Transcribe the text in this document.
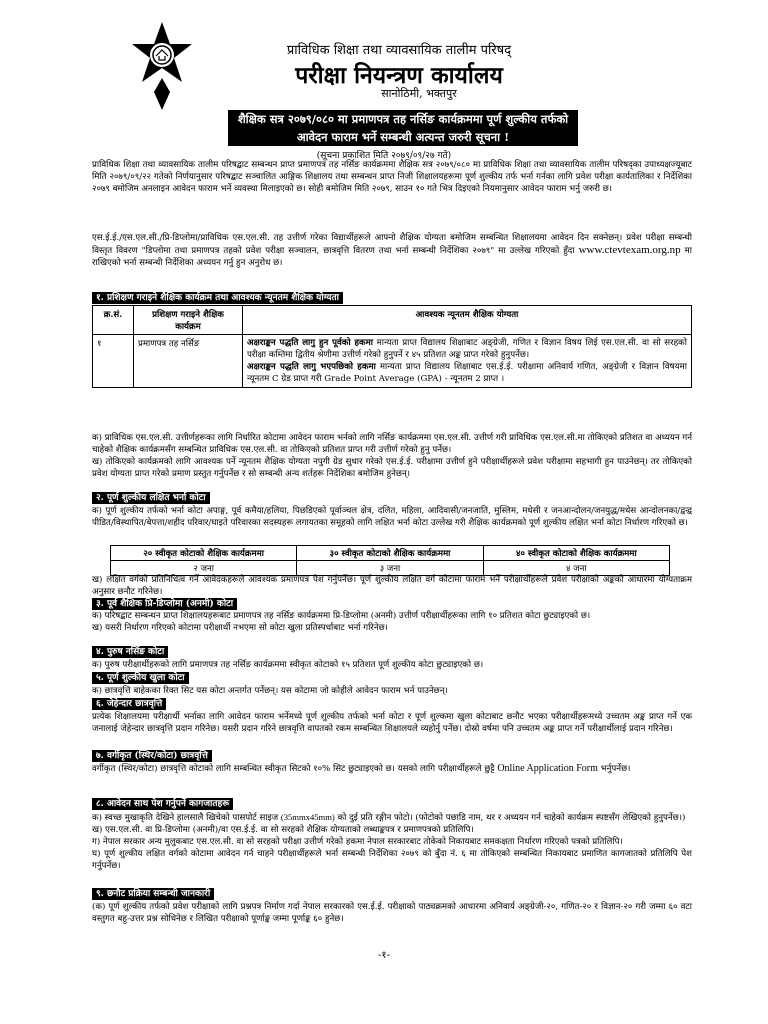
प्राविधिक शिक्षा तथा व्यावसायिक तालीम परिषद्
परीक्षा नियन्त्रण कार्यालय
सानोठिमी, भक्तपुर
शैक्षिक सत्र २०७९/०८० मा प्रमाणपत्र तह नर्सिङ कार्यक्रममा पूर्ण शुल्कीय तर्फको
आवेदन फाराम भर्ने सम्बन्धी अत्यन्त जरुरी सूचना !
(सूचना प्रकाशित मिति २०७९/०९/२७ गते)
प्राविधिक शिक्षा तथा व्यावसायिक तालीम परिषद्बाट सम्बन्धन प्राप्त प्रमाणपत्र तह नर्सिङ कार्यक्रममा शैक्षिक सत्र २०७९/०८० मा प्राविधिक शिक्षा तथा व्यावसायिक तालीम परिषद्का उपाध्यक्षज्यूबाट मिति २०७९/०९/२२ गतेको निर्णयानुसार परिषद्बाट सञ्चालित आङ्गिक शिक्षालय तथा सम्बन्धन प्राप्त निजी शिक्षालयहरूमा पूर्ण शुल्कीय तर्फ भर्ना गर्नका लागि प्रवेश परीक्षा कार्यतालिका र निर्देशिका २०७९ बमोजिम अनलाइन आवेदन फाराम भर्ने व्यवस्था मिलाइएको छ। सोही बमोजिम मिति २०७९, साउन १० गते भित्र दिइएको नियमानुसार आवेदन फाराम भर्नु जरुरी छ।
एस.ई.ई./एस.एल.सी./प्रि-डिप्लोमा/प्राविधिक एस.एल.सी. तह उत्तीर्ण गरेका विद्यार्थीहरूले आफ्नो शैक्षिक योग्यता बमोजिम सम्बन्धित शिक्षालयमा आवेदन दिन सक्नेछन्। प्रवेश परीक्षा सम्बन्धी विस्तृत विवरण "डिप्लोमा तथा प्रमाणपत्र तहको प्रवेश परीक्षा सञ्चालन, छात्रवृत्ति वितरण तथा भर्ना सम्बन्धी निर्देशिका २०७९" मा उल्लेख गरिएको हुँदा www.ctevtexam.org.np मा राखिएको भर्ना सम्बन्धी निर्देशिका अध्ययन गर्नु हुन अनुरोध छ।
१. प्रशिक्षण गराइने शैक्षिक कार्यक्रम तथा आवश्यक न्यूनतम शैक्षिक योग्यता
क्र.सं.	प्रशिक्षण गराइने शैक्षिक कार्यक्रम	आवश्यक न्यूनतम शैक्षिक योग्यता
१	प्रमाणपत्र तह नर्सिङ	अक्षराङ्कन पद्धति लागु हुन पूर्वको हकमा मान्यता प्राप्त विद्यालय शिक्षाबाट अङ्ग्रेजी, गणित र विज्ञान विषय लिई एस.एल.सी. वा सो सरहको परीक्षा कम्तिमा द्वितीय श्रेणीमा उत्तीर्ण गरेको हुनुपर्ने र ४५ प्रतिशत अङ्क प्राप्त गरेको हुनुपर्नेछ।
अक्षराङ्कन पद्धति लागु भएपछिको हकमा मान्यता प्राप्त विद्यालय शिक्षाबाट एस.ई.ई. परीक्षामा अनिवार्य गणित, अङ्ग्रेजी र विज्ञान विषयमा न्यूनतम C ग्रेड प्राप्त गरी Grade Point Average (GPA) - न्यूनतम 2 प्राप्त ।
क) प्राविधिक एस.एल.सी. उत्तीर्णहरूका लागि निर्धारित कोटामा आवेदन फाराम भर्नको लागि नर्सिङ कार्यक्रममा एस.एल.सी. उत्तीर्ण गरी प्राविधिक एस.एल.सी.मा तोकिएको प्रतिशत वा अध्ययन गर्न चाहेको शैक्षिक कार्यक्रमसँग सम्बन्धित प्राविधिक एस.एल.सी. वा तोकिएको प्रतिशत प्राप्त गरी उत्तीर्ण गरेको हुनु पर्नेछ।
ख) तोकिएको कार्यक्रमको लागि आवश्यक पर्ने न्यूनतम शैक्षिक योग्यता नपुगी ग्रेड सुधार गरेको एस.ई.ई. परीक्षामा उत्तीर्ण हुने परीक्षार्थीहरूले प्रवेश परीक्षामा सहभागी हुन पाउनेछन्। तर तोकिएको प्रवेश योग्यता प्राप्त गरेको प्रमाण प्रस्तुत गर्नुपर्नेछ र सो सम्बन्धी अन्य शर्तहरू निर्देशिका बमोजिम हुनेछन्।
२. पूर्ण शुल्कीय लक्षित भर्ना कोटा
क) पूर्ण शुल्कीय तर्फको भर्ना कोटा अपाङ्ग, पूर्व कमैया/हलिया, पिछडिएको पूर्वाञ्चल क्षेत्र, दलित, महिला, आदिवासी/जनजाति, मुस्लिम, मधेसी र जनआन्दोलन/जनयुद्ध/मधेस आन्दोलनका/द्वन्द्व पीडित/विस्थापित/बेपत्ता/शहीद परिवार/घाइते परिवारका सदस्यहरू लगायतका समूहको लागि लक्षित भर्ना कोटा उल्लेख गरी शैक्षिक कार्यक्रमको पूर्ण शुल्कीय लक्षित भर्ना कोटा निर्धारण गरिएको छ।
२० स्वीकृत कोटाको शैक्षिक कार्यक्रममा	३० स्वीकृत कोटाको शैक्षिक कार्यक्रममा	४० स्वीकृत कोटाको शैक्षिक कार्यक्रममा
२ जना	३ जना	४ जना
ख) लक्षित वर्गको प्रतिनिधित्व गर्ने आवेदकहरूले आवश्यक प्रमाणपत्र पेश गर्नुपर्नेछ। पूर्ण शुल्कीय लक्षित वर्ग कोटामा फाराम भर्ने परीक्षार्थीहरूले प्रवेश परीक्षाको अङ्कको आधारमा योग्यताक्रम अनुसार छनौट गरिनेछ।
३. पूर्व शैक्षिक प्रि-डिप्लोमा (अनमी) कोटा
क) परिषद्बाट सम्बन्धन प्राप्त शिक्षालयहरूबाट प्रमाणपत्र तह नर्सिङ कार्यक्रममा प्रि-डिप्लोमा (अनमी) उत्तीर्ण परीक्षार्थीहरूका लागि १० प्रतिशत कोटा छुट्याइएको छ।
ख) यसरी निर्धारण गरिएको कोटामा परीक्षार्थी नभएमा सो कोटा खुला प्रतिस्पर्धाबाट भर्ना गरिनेछ।
४. पुरुष नर्सिङ कोटा
क) पुरुष परीक्षार्थीहरूको लागि प्रमाणपत्र तह नर्सिङ कार्यक्रममा स्वीकृत कोटाको १५ प्रतिशत पूर्ण शुल्कीय कोटा छुट्याइएको छ।
५. पूर्ण शुल्कीय खुला कोटा
क) छात्रवृत्ति बाहेकका रिक्त सिट यस कोटा अन्तर्गत पर्नेछन्। यस कोटामा जो कोहीले आवेदन फाराम भर्न पाउनेछन्।
६. जेहेन्दार छात्रवृत्ति
प्रत्येक शिक्षालयमा परीक्षार्थी भर्नाका लागि आवेदन फाराम भर्नेमध्ये पूर्ण शुल्कीय तर्फको भर्ना कोटा र पूर्ण शुल्कमा खुला कोटाबाट छनौट भएका परीक्षार्थीहरूमध्ये उच्चतम अङ्क प्राप्त गर्ने एक जनालाई जेहेन्दार छात्रवृत्ति प्रदान गरिनेछ। यसरी प्रदान गरिने छात्रवृत्ति वापतको रकम सम्बन्धित शिक्षालयले व्यहोर्नु पर्नेछ। दोस्रो वर्षमा पनि उच्चतम अङ्क प्राप्त गर्ने परीक्षार्थीलाई प्रदान गरिनेछ।
७. वर्गीकृत (स्थिर/कोटा) छात्रवृत्ति
वर्गीकृत (स्थिर/कोटा) छात्रवृत्ति कोटाको लागि सम्बन्धित स्वीकृत सिटको १०% सिट छुट्याइएको छ। यसको लागि परीक्षार्थीहरूले छुट्टै Online Application Form भर्नुपर्नेछ।
८. आवेदन साथ पेश गर्नुपर्ने कागजातहरू
क) स्वच्छ मुखाकृति देखिने हालसालै खिचेको पासपोर्ट साइज (35mmx45mm) को दुई प्रति रङ्गीन फोटो। (फोटोको पछाडि नाम, थर र अध्ययन गर्न चाहेको कार्यक्रम स्पष्टसँग लेखिएको हुनुपर्नेछ।)
ख) एस.एल.सी. वा प्रि-डिप्लोमा (अनमी)/वा एस.ई.ई. वा सो सरहको शैक्षिक योग्यताको लब्धाङ्कपत्र र प्रमाणपत्रको प्रतिलिपि।
ग) नेपाल सरकार अन्य मुलुकबाट एस.एल.सी. वा सो सरहको परीक्षा उत्तीर्ण गरेको हकमा नेपाल सरकारबाट तोकेको निकायबाट समकक्षता निर्धारण गरिएको पत्रको प्रतिलिपि।
घ) पूर्ण शुल्कीय लक्षित वर्गको कोटामा आवेदन गर्न चाहने परीक्षार्थीहरूले भर्ना सम्बन्धी निर्देशिका २०७९ को बुँदा नं. ६ मा तोकिएको सम्बन्धित निकायबाट प्रमाणित कागजातको प्रतिलिपि पेश गर्नुपर्नेछ।
९. छनौट प्रक्रिया सम्बन्धी जानकारी
(क) पूर्ण शुल्कीय तर्फको प्रवेश परीक्षाको लागि प्रश्नपत्र निर्माण गर्दा नेपाल सरकारको एस.ई.ई. परीक्षाको पाठ्यक्रमको आधारमा अनिवार्य अङ्ग्रेजी-२०, गणित-२० र विज्ञान-२० गरी जम्मा ६० वटा वस्तुगत बहु-उत्तर प्रश्न सोधिनेछ र लिखित परीक्षाको पूर्णाङ्क जम्मा पूर्णाङ्क ६० हुनेछ।
-१-
